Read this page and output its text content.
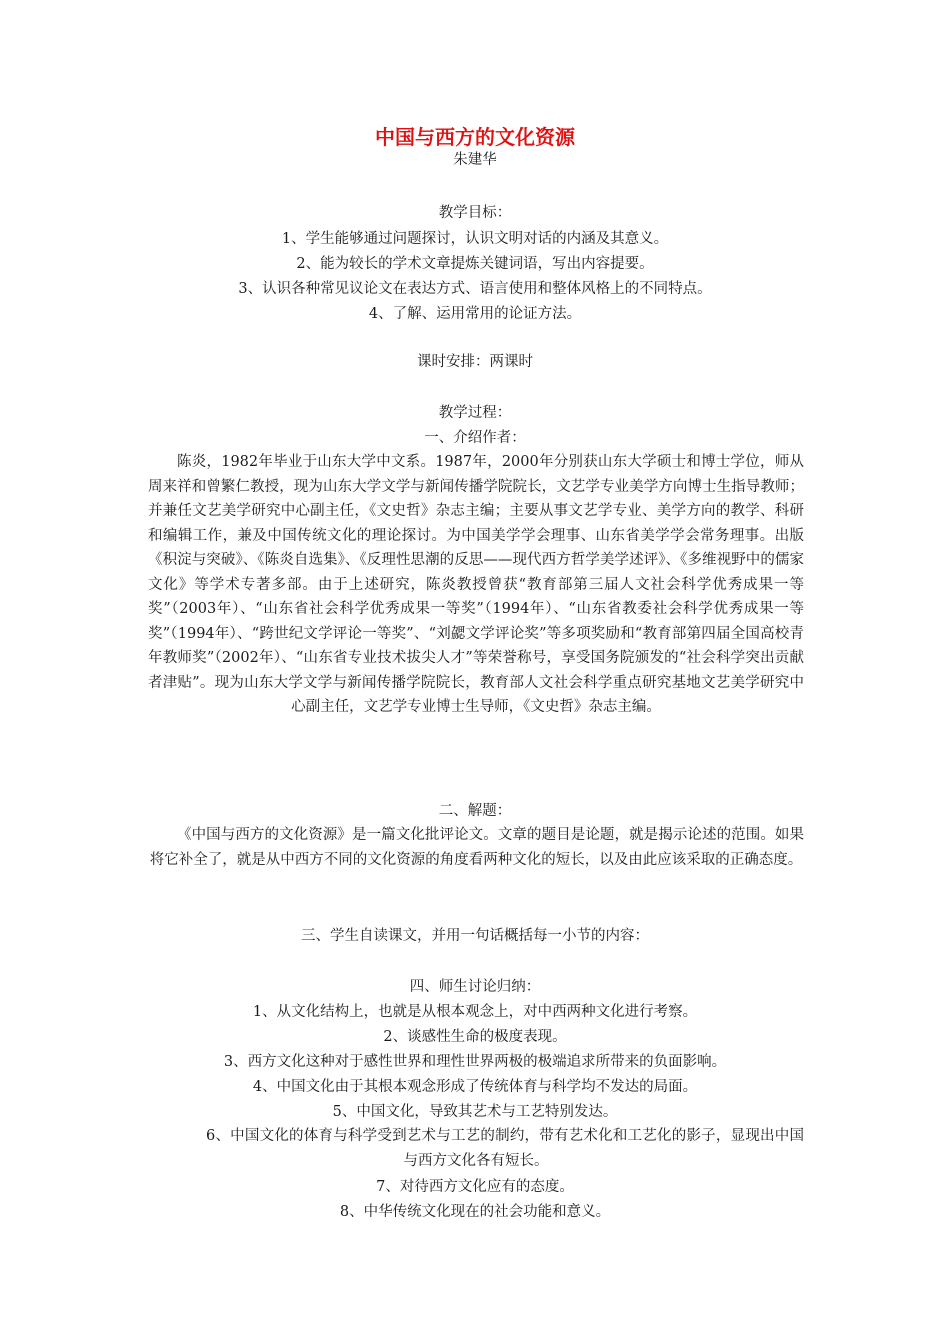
中国与西方的文化资源
朱建华
教学目标：
1、学生能够通过问题探讨，认识文明对话的内涵及其意义。
2、能为较长的学术文章提炼关键词语，写出内容提要。
3、认识各种常见议论文在表达方式、语言使用和整体风格上的不同特点。
4、了解、运用常用的论证方法。
课时安排：两课时
教学过程：
一、介绍作者：
陈炎，1982年毕业于山东大学中文系。1987年，2000年分别获山东大学硕士和博士学位，师从周来祥和曾繁仁教授，现为山东大学文学与新闻传播学院院长，文艺学专业美学方向博士生指导教师；并兼任文艺美学研究中心副主任，《文史哲》杂志主编；主要从事文艺学专业、美学方向的教学、科研和编辑工作，兼及中国传统文化的理论探讨。为中国美学学会理事、山东省美学学会常务理事。出版《积淀与突破》、《陈炎自选集》、《反理性思潮的反思——现代西方哲学美学述评》、《多维视野中的儒家文化》等学术专著多部。由于上述研究，陈炎教授曾获“教育部第三届人文社会科学优秀成果一等奖”（2003年）、“山东省社会科学优秀成果一等奖”（1994年）、“山东省教委社会科学优秀成果一等奖”（1994年）、“跨世纪文学评论一等奖”、“刘勰文学评论奖”等多项奖励和“教育部第四届全国高校青年教师奖”（2002年）、“山东省专业技术拔尖人才”等荣誉称号，享受国务院颁发的“社会科学突出贡献者津贴”。现为山东大学文学与新闻传播学院院长，教育部人文社会科学重点研究基地文艺美学研究中心副主任，文艺学专业博士生导师，《文史哲》杂志主编。
二、解题：
《中国与西方的文化资源》是一篇文化批评论文。文章的题目是论题，就是揭示论述的范围。如果将它补全了，就是从中西方不同的文化资源的角度看两种文化的短长，以及由此应该采取的正确态度。
三、学生自读课文，并用一句话概括每一小节的内容：
四、师生讨论归纳：
1、从文化结构上，也就是从根本观念上，对中西两种文化进行考察。
2、谈感性生命的极度表现。
3、西方文化这种对于感性世界和理性世界两极的极端追求所带来的负面影响。
4、中国文化由于其根本观念形成了传统体育与科学均不发达的局面。
5、中国文化，导致其艺术与工艺特别发达。
6、中国文化的体育与科学受到艺术与工艺的制约，带有艺术化和工艺化的影子，显现出中国与西方文化各有短长。
7、对待西方文化应有的态度。
8、中华传统文化现在的社会功能和意义。
